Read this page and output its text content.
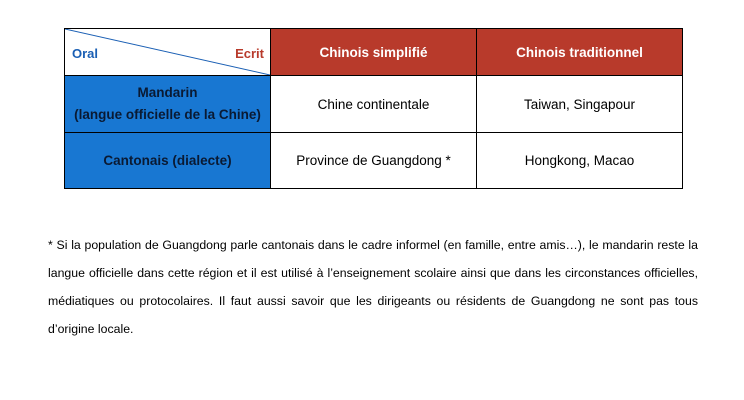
Oral Ecrit	Chinois simplifié	Chinois traditionnel

Mandarin
(langue officielle de la Chine)	Chine continentale	Taiwan, Singapour

Cantonais (dialecte)	Province de Guangdong *	Hongkong, Macao

* Si la population de Guangdong parle cantonais dans le cadre informel (en famille, entre amis…), le mandarin reste la langue officielle dans cette région et il est utilisé à l’enseignement scolaire ainsi que dans les circonstances officielles, médiatiques ou protocolaires. Il faut aussi savoir que les dirigeants ou résidents de Guangdong ne sont pas tous d’origine locale.
